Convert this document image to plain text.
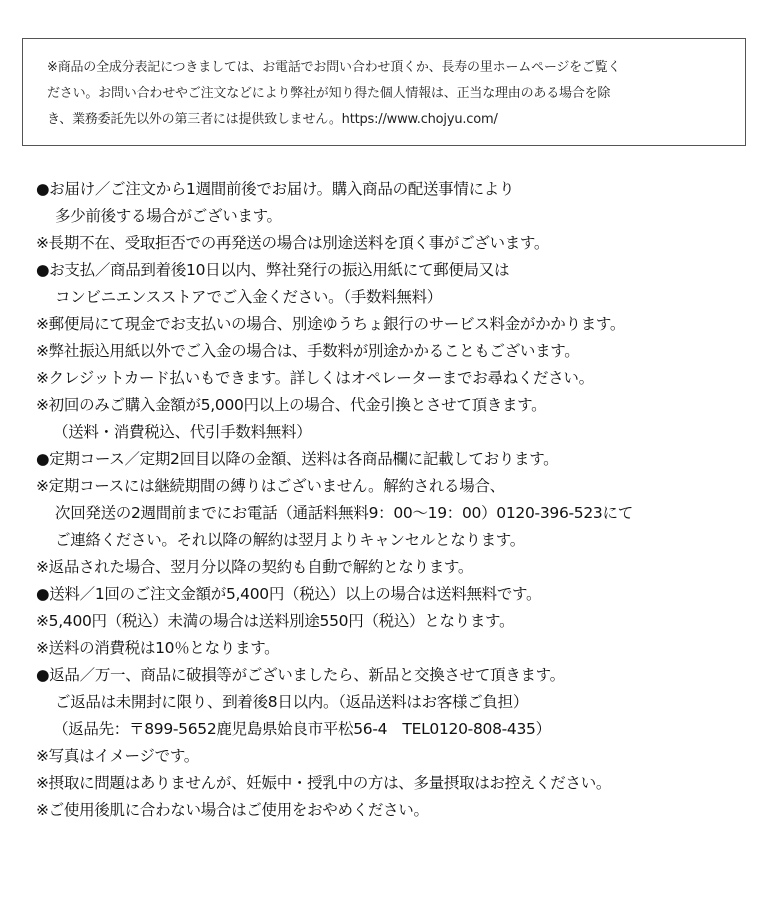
※商品の全成分表記につきましては、お電話でお問い合わせ頂くか、長寿の里ホームページをご覧く
ださい。お問い合わせやご注文などにより弊社が知り得た個人情報は、正当な理由のある場合を除
き、業務委託先以外の第三者には提供致しません。https://www.chojyu.com/
●お届け／ご注文から1週間前後でお届け。購入商品の配送事情により
多少前後する場合がございます。
※長期不在、受取拒否での再発送の場合は別途送料を頂く事がございます。
●お支払／商品到着後10日以内、弊社発行の振込用紙にて郵便局又は
コンビニエンスストアでご入金ください。（手数料無料）
※郵便局にて現金でお支払いの場合、別途ゆうちょ銀行のサービス料金がかかります。
※弊社振込用紙以外でご入金の場合は、手数料が別途かかることもございます。
※クレジットカード払いもできます。詳しくはオペレーターまでお尋ねください。
※初回のみご購入金額が5,000円以上の場合、代金引換とさせて頂きます。
（送料・消費税込、代引手数料無料）
●定期コース／定期2回目以降の金額、送料は各商品欄に記載しております。
※定期コースには継続期間の縛りはございません。解約される場合、
次回発送の2週間前までにお電話（通話料無料9：00〜19：00）0120-396-523にて
ご連絡ください。それ以降の解約は翌月よりキャンセルとなります。
※返品された場合、翌月分以降の契約も自動で解約となります。
●送料／1回のご注文金額が5,400円（税込）以上の場合は送料無料です。
※5,400円（税込）未満の場合は送料別途550円（税込）となります。
※送料の消費税は10％となります。
●返品／万一、商品に破損等がございましたら、新品と交換させて頂きます。
ご返品は未開封に限り、到着後8日以内。（返品送料はお客様ご負担）
（返品先：〒899-5652鹿児島県姶良市平松56-4　TEL0120-808-435）
※写真はイメージです。
※摂取に問題はありませんが、妊娠中・授乳中の方は、多量摂取はお控えください。
※ご使用後肌に合わない場合はご使用をおやめください。
